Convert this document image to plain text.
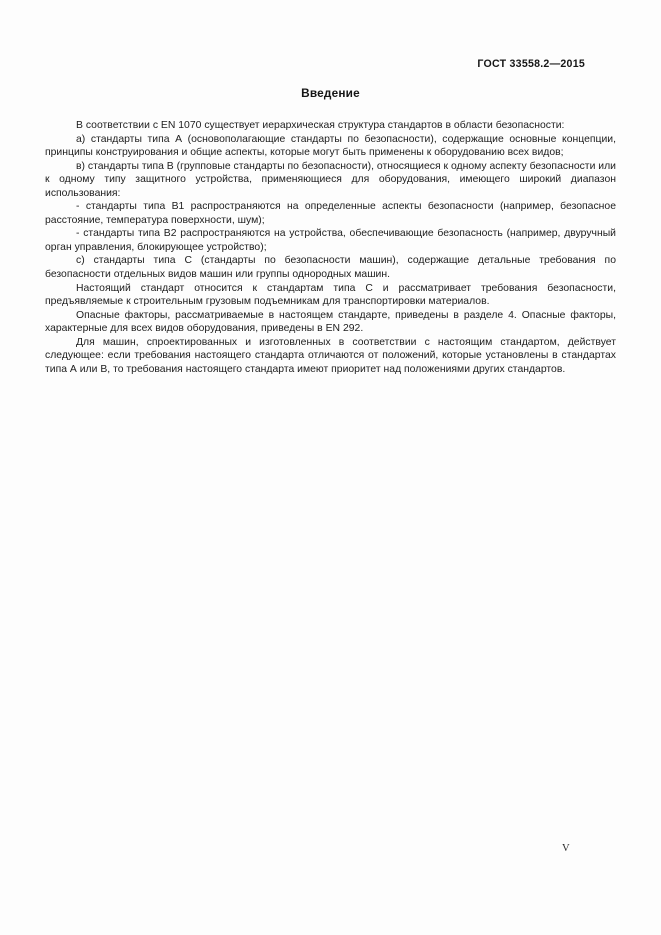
ГОСТ 33558.2—2015
Введение

В соответствии с EN 1070 существует иерархическая структура стандартов в области безопасности:

а) стандарты типа А (основополагающие стандарты по безопасности), содержащие основные концепции, принципы конструирования и общие аспекты, которые могут быть применены к оборудованию всех видов;

в) стандарты типа В (групповые стандарты по безопасности), относящиеся к одному аспекту безопасности или к одному типу защитного устройства, применяющиеся для оборудования, имеющего широкий диапазон использования:

- стандарты типа В1 распространяются на определенные аспекты безопасности (например, безопасное расстояние, температура поверхности, шум);

- стандарты типа В2 распространяются на устройства, обеспечивающие безопасность (например, двуручный орган управления, блокирующее устройство);

с) стандарты типа С (стандарты по безопасности машин), содержащие детальные требования по безопасности отдельных видов машин или группы однородных машин.

Настоящий стандарт относится к стандартам типа С и рассматривает требования безопасности, предъявляемые к строительным грузовым подъемникам для транспортировки материалов.

Опасные факторы, рассматриваемые в настоящем стандарте, приведены в разделе 4. Опасные факторы, характерные для всех видов оборудования, приведены в EN 292.

Для машин, спроектированных и изготовленных в соответствии с настоящим стандартом, действует следующее: если требования настоящего стандарта отличаются от положений, которые установлены в стандартах типа А или В, то требования настоящего стандарта имеют приоритет над положениями других стандартов.

V
